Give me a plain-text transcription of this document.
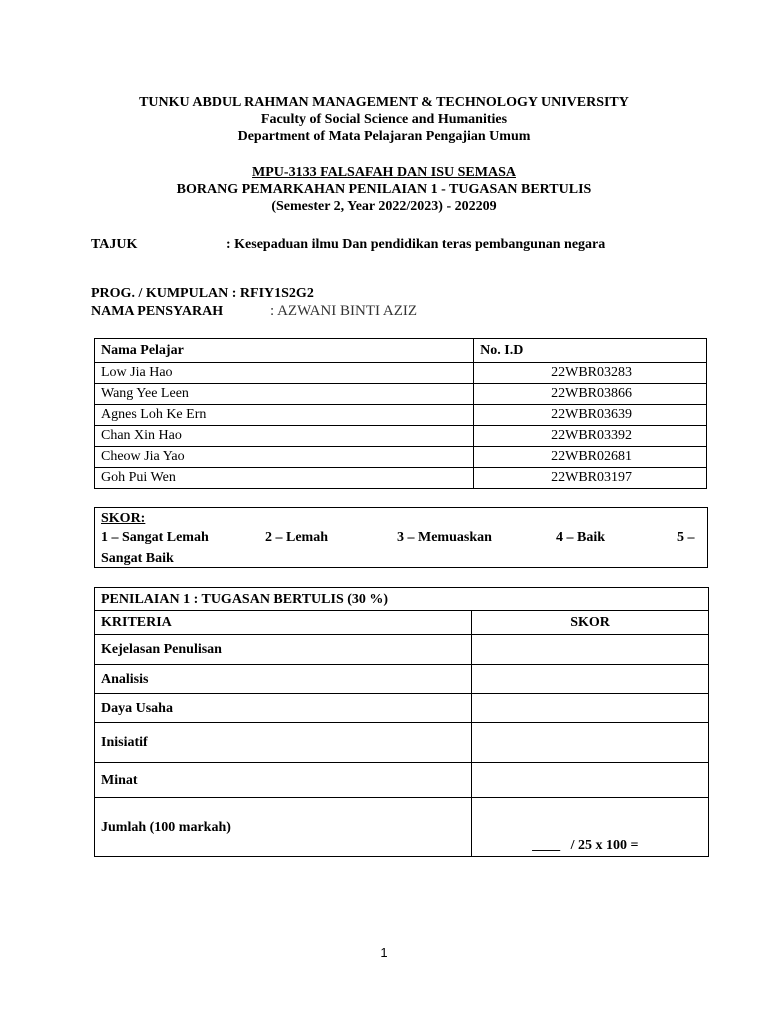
TUNKU ABDUL RAHMAN MANAGEMENT & TECHNOLOGY UNIVERSITY
Faculty of Social Science and Humanities
Department of Mata Pelajaran Pengajian Umum
MPU-3133 FALSAFAH DAN ISU SEMASA
BORANG PEMARKAHAN PENILAIAN 1 - TUGASAN BERTULIS
(Semester 2, Year 2022/2023) - 202209
TAJUK	: Kesepaduan ilmu Dan pendidikan teras pembangunan negara
PROG. / KUMPULAN : RFIY1S2G2
NAMA PENSYARAH	: AZWANI BINTI AZIZ
Nama Pelajar	No. I.D
Low Jia Hao	22WBR03283
Wang Yee Leen	22WBR03866
Agnes Loh Ke Ern	22WBR03639
Chan Xin Hao	22WBR03392
Cheow Jia Yao	22WBR02681
Goh Pui Wen	22WBR03197
SKOR:
1 – Sangat Lemah	2 – Lemah	3 – Memuaskan	4 – Baik	5 –
Sangat Baik
PENILAIAN 1 : TUGASAN BERTULIS (30 %)	
KRITERIA	SKOR
Kejelasan Penulisan	
Analisis	
Daya Usaha	
Inisiatif	
Minat	
Jumlah (100 markah)	____   / 25 x 100 =
1
